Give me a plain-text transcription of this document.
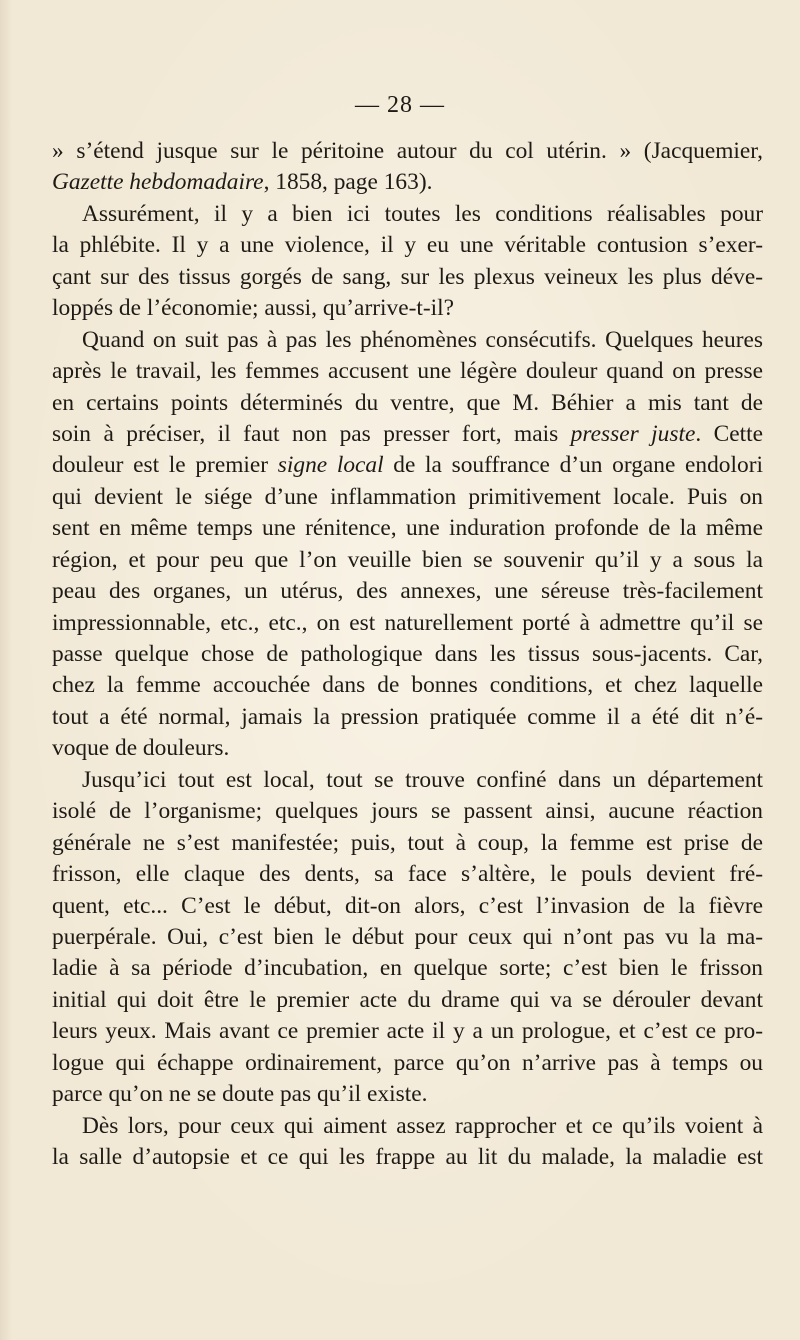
— 28 —
» s’étend jusque sur le péritoine autour du col utérin. » (Jacquemier,
Gazette hebdomadaire, 1858, page 163).
Assurément, il y a bien ici toutes les conditions réalisables pour
la phlébite. Il y a une violence, il y eu une véritable contusion s’exer-
çant sur des tissus gorgés de sang, sur les plexus veineux les plus déve-
loppés de l’économie; aussi, qu’arrive-t-il?
Quand on suit pas à pas les phénomènes consécutifs. Quelques heures
après le travail, les femmes accusent une légère douleur quand on presse
en certains points déterminés du ventre, que M. Béhier a mis tant de
soin à préciser, il faut non pas presser fort, mais presser juste. Cette
douleur est le premier signe local de la souffrance d’un organe endolori
qui devient le siége d’une inflammation primitivement locale. Puis on
sent en même temps une rénitence, une induration profonde de la même
région, et pour peu que l’on veuille bien se souvenir qu’il y a sous la
peau des organes, un utérus, des annexes, une séreuse très-facilement
impressionnable, etc., etc., on est naturellement porté à admettre qu’il se
passe quelque chose de pathologique dans les tissus sous-jacents. Car,
chez la femme accouchée dans de bonnes conditions, et chez laquelle
tout a été normal, jamais la pression pratiquée comme il a été dit n’é-
voque de douleurs.
Jusqu’ici tout est local, tout se trouve confiné dans un département
isolé de l’organisme; quelques jours se passent ainsi, aucune réaction
générale ne s’est manifestée; puis, tout à coup, la femme est prise de
frisson, elle claque des dents, sa face s’altère, le pouls devient fré-
quent, etc... C’est le début, dit-on alors, c’est l’invasion de la fièvre
puerpérale. Oui, c’est bien le début pour ceux qui n’ont pas vu la ma-
ladie à sa période d’incubation, en quelque sorte; c’est bien le frisson
initial qui doit être le premier acte du drame qui va se dérouler devant
leurs yeux. Mais avant ce premier acte il y a un prologue, et c’est ce pro-
logue qui échappe ordinairement, parce qu’on n’arrive pas à temps ou
parce qu’on ne se doute pas qu’il existe.
Dès lors, pour ceux qui aiment assez rapprocher et ce qu’ils voient à
la salle d’autopsie et ce qui les frappe au lit du malade, la maladie est
